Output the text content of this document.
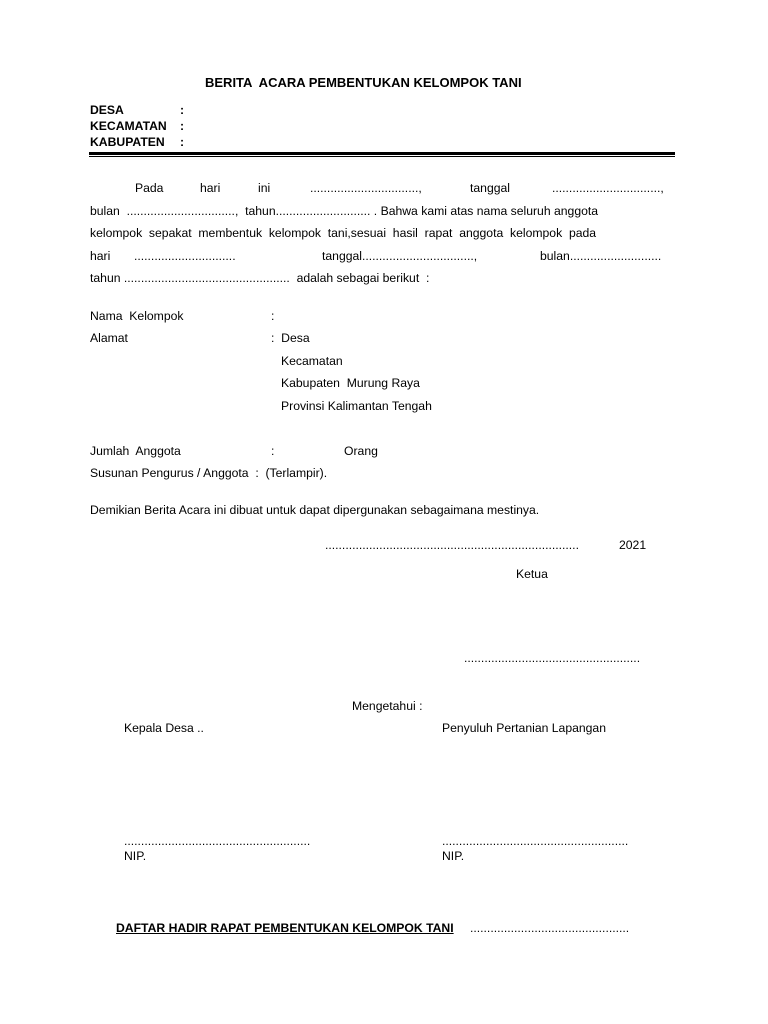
BERITA  ACARA PEMBENTUKAN KELOMPOK TANI
DESA	:
KECAMATAN :
KABUPATEN :
Pada	hari	ini	................................,	tanggal	................................,
bulan  ................................,  tahun............................ . Bahwa kami atas nama seluruh anggota
kelompok  sepakat  membentuk  kelompok  tani,sesuai  hasil  rapat  anggota  kelompok  pada
hari ..............................	tanggal.................................,	bulan...........................
tahun .................................................  adalah sebagai berikut  :
Nama  Kelompok	:
Alamat	:  Desa
Kecamatan
Kabupaten  Murung Raya
Provinsi Kalimantan Tengah
Jumlah  Anggota	:	Orang
Susunan Pengurus / Anggota  :  (Terlampir).
Demikian Berita Acara ini dibuat untuk dapat dipergunakan sebagaimana mestinya.
...........................................................................	2021
Ketua
....................................................
Mengetahui :
Kepala Desa ..	Penyuluh Pertanian Lapangan
.......................................................	.......................................................
NIP.	NIP.
DAFTAR HADIR RAPAT PEMBENTUKAN KELOMPOK TANI ...............................................
